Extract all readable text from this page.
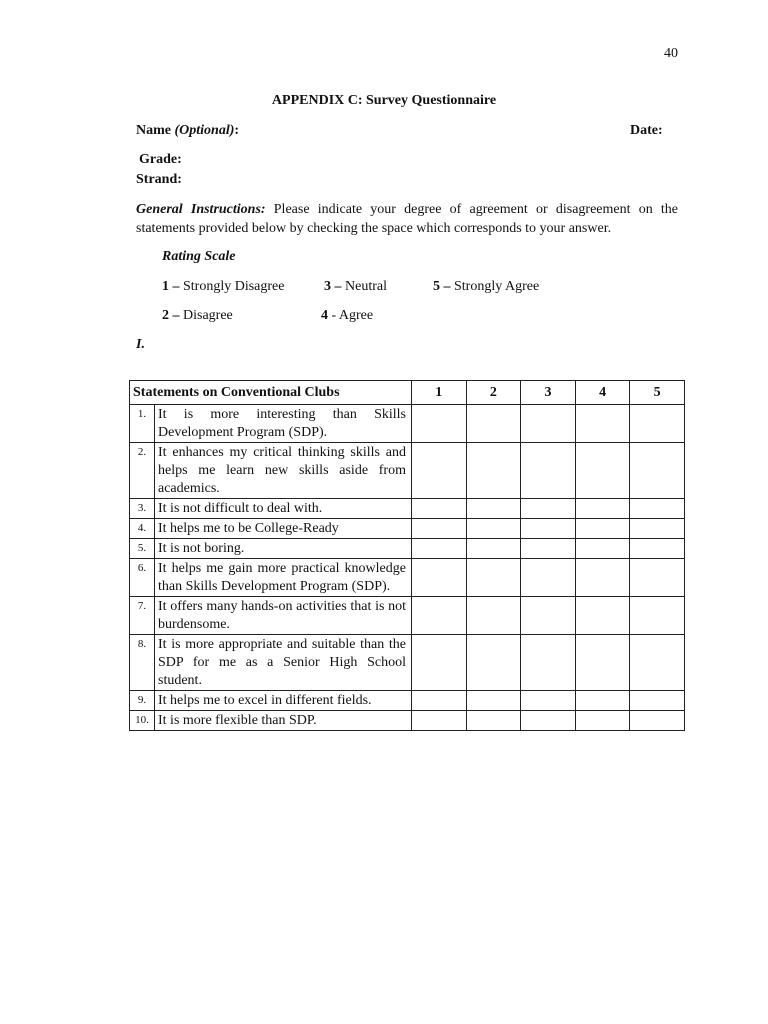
40
APPENDIX C: Survey Questionnaire
Name (Optional):	Date:
Grade:
Strand:
General Instructions: Please indicate your degree of agreement or disagreement on the statements provided below by checking the space which corresponds to your answer.
Rating Scale
1 – Strongly Disagree	3 – Neutral	5 – Strongly Agree
2 – Disagree	4 - Agree
I.
Statements on Conventional Clubs		1	2	3	4	5
1.	It is more interesting than Skills Development Program (SDP).					
2.	It enhances my critical thinking skills and helps me learn new skills aside from academics.					
3.	It is not difficult to deal with.					
4.	It helps me to be College-Ready					
5.	It is not boring.					
6.	It helps me gain more practical knowledge than Skills Development Program (SDP).					
7.	It offers many hands-on activities that is not burdensome.					
8.	It is more appropriate and suitable than the SDP for me as a Senior High School student.					
9.	It helps me to excel in different fields.					
10.	It is more flexible than SDP.					
